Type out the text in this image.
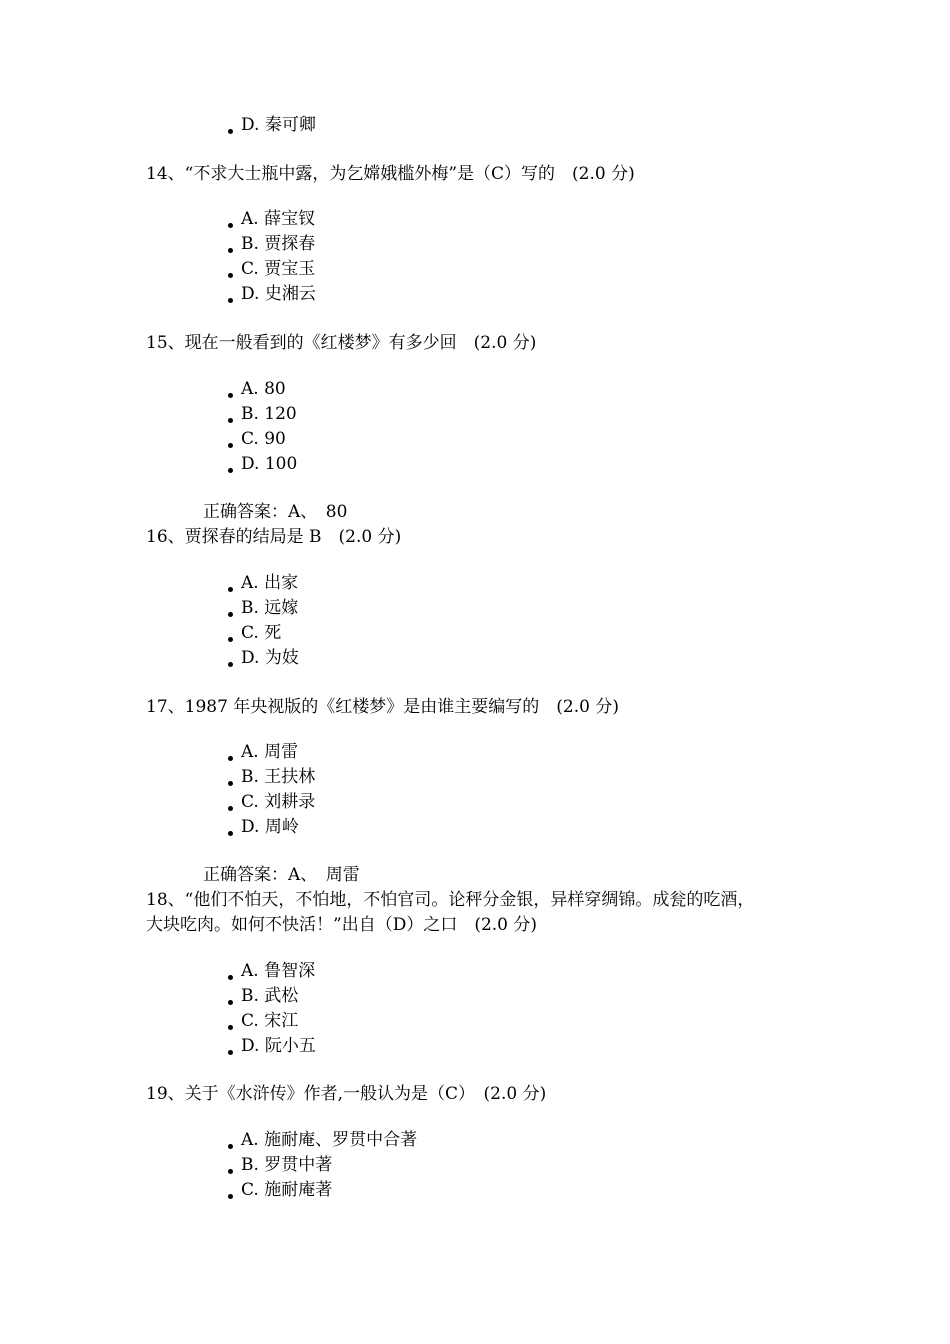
D. 秦可卿
14、“不求大士瓶中露，为乞嫦娥槛外梅”是（C）写的　(2.0 分)
A. 薛宝钗
B. 贾探春
C. 贾宝玉
D. 史湘云
15、现在一般看到的《红楼梦》有多少回　(2.0 分)
A. 80
B. 120
C. 90
D. 100
正确答案：A、　80
16、贾探春的结局是 B　(2.0 分)
A. 出家
B. 远嫁
C. 死
D. 为妓
17、1987 年央视版的《红楼梦》是由谁主要编写的　(2.0 分)
A. 周雷
B. 王扶林
C. 刘耕录
D. 周岭
正确答案：A、　周雷
18、“他们不怕天，不怕地，不怕官司。论秤分金银，异样穿绸锦。成瓮的吃酒，
大块吃肉。如何不快活！”出自（D）之口　(2.0 分)
A. 鲁智深
B. 武松
C. 宋江
D. 阮小五
19、关于《水浒传》作者,一般认为是（C）　(2.0 分)
A. 施耐庵、罗贯中合著
B. 罗贯中著
C. 施耐庵著
